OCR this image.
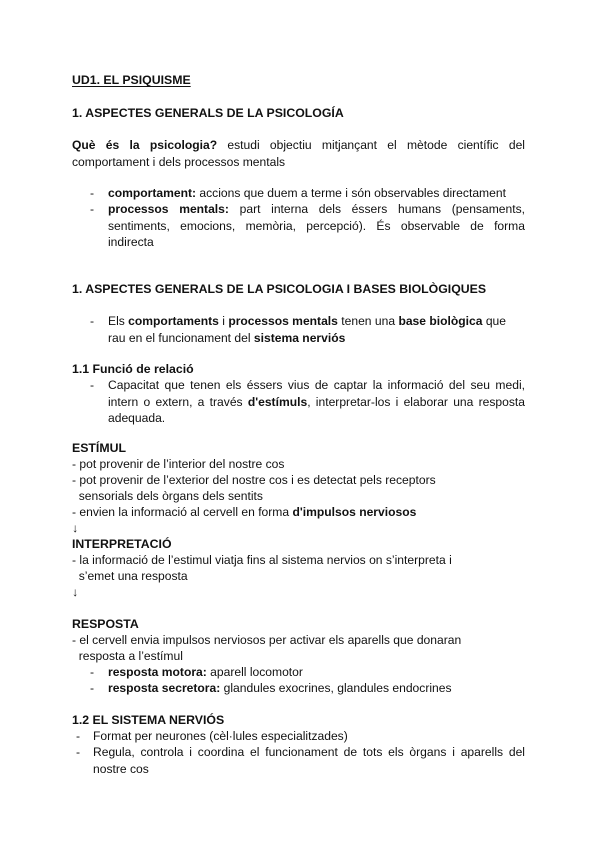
UD1. EL PSIQUISME
1. ASPECTES GENERALS DE LA PSICOLOGÍA
Què és la psicologia? estudi objectiu mitjançant el mètode científic del comportament i dels processos mentals
- comportament: accions que duem a terme i són observables directament
- processos mentals: part interna dels éssers humans (pensaments, sentiments, emocions, memòria, percepció). És observable de forma indirecta
1. ASPECTES GENERALS DE LA PSICOLOGIA I BASES BIOLÒGIQUES
- Els comportaments i processos mentals tenen una base biològica que rau en el funcionament del sistema nerviós
1.1 Funció de relació
- Capacitat que tenen els éssers vius de captar la informació del seu medi, intern o extern, a través d'estímuls, interpretar-los i elaborar una resposta adequada.
ESTÍMUL
- pot provenir de l’interior del nostre cos
- pot provenir de l’exterior del nostre cos i es detectat pels receptors
sensorials dels òrgans dels sentits
- envien la informació al cervell en forma d'impulsos nerviosos
↓
INTERPRETACIÓ
- la informació de l’estimul viatja fins al sistema nervios on s’interpreta i
s’emet una resposta
↓
RESPOSTA
- el cervell envia impulsos nerviosos per activar els aparells que donaran
resposta a l’estímul
- resposta motora: aparell locomotor
- resposta secretora: glandules exocrines, glandules endocrines
1.2 EL SISTEMA NERVIÓS
- Format per neurones (cèl·lules especialitzades)
- Regula, controla i coordina el funcionament de tots els òrgans i aparells del nostre cos
